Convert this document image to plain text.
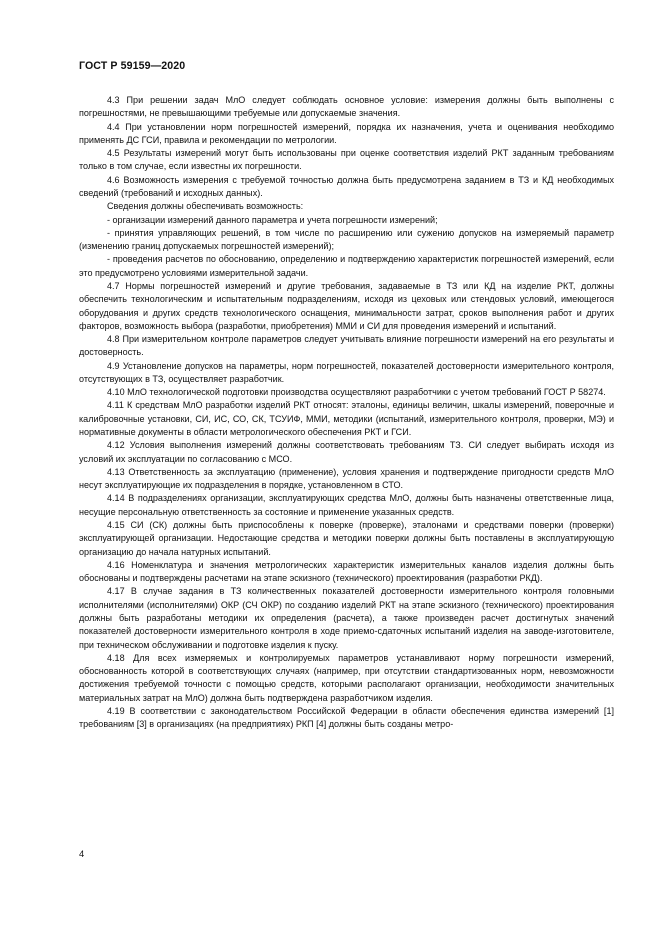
ГОСТ Р 59159—2020

4.3 При решении задач МлО следует соблюдать основное условие: измерения должны быть выполнены с погрешностями, не превышающими требуемые или допускаемые значения.

4.4 При установлении норм погрешностей измерений, порядка их назначения, учета и оценивания необходимо применять ДС ГСИ, правила и рекомендации по метрологии.

4.5 Результаты измерений могут быть использованы при оценке соответствия изделий РКТ заданным требованиям только в том случае, если известны их погрешности.

4.6 Возможность измерения с требуемой точностью должна быть предусмотрена заданием в ТЗ и КД необходимых сведений (требований и исходных данных).

Сведения должны обеспечивать возможность:

- организации измерений данного параметра и учета погрешности измерений;

- принятия управляющих решений, в том числе по расширению или сужению допусков на измеряемый параметр (изменению границ допускаемых погрешностей измерений);

- проведения расчетов по обоснованию, определению и подтверждению характеристик погрешностей измерений, если это предусмотрено условиями измерительной задачи.

4.7 Нормы погрешностей измерений и другие требования, задаваемые в ТЗ или КД на изделие РКТ, должны обеспечить технологическим и испытательным подразделениям, исходя из цеховых или стендовых условий, имеющегося оборудования и других средств технологического оснащения, минимальности затрат, сроков выполнения работ и других факторов, возможность выбора (разработки, приобретения) ММИ и СИ для проведения измерений и испытаний.

4.8 При измерительном контроле параметров следует учитывать влияние погрешности измерений на его результаты и достоверность.

4.9 Установление допусков на параметры, норм погрешностей, показателей достоверности измерительного контроля, отсутствующих в ТЗ, осуществляет разработчик.

4.10 МлО технологической подготовки производства осуществляют разработчики с учетом требований ГОСТ Р 58274.

4.11 К средствам МлО разработки изделий РКТ относят: эталоны, единицы величин, шкалы измерений, поверочные и калибровочные установки, СИ, ИС, СО, СК, ТСУИФ, ММИ, методики (испытаний, измерительного контроля, проверки, МЭ) и нормативные документы в области метрологического обеспечения РКТ и ГСИ.

4.12 Условия выполнения измерений должны соответствовать требованиям ТЗ. СИ следует выбирать исходя из условий их эксплуатации по согласованию с МСО.

4.13 Ответственность за эксплуатацию (применение), условия хранения и подтверждение пригодности средств МлО несут эксплуатирующие их подразделения в порядке, установленном в СТО.

4.14 В подразделениях организации, эксплуатирующих средства МлО, должны быть назначены ответственные лица, несущие персональную ответственность за состояние и применение указанных средств.

4.15 СИ (СК) должны быть приспособлены к поверке (проверке), эталонами и средствами поверки (проверки) эксплуатирующей организации. Недостающие средства и методики поверки должны быть поставлены в эксплуатирующую организацию до начала натурных испытаний.

4.16 Номенклатура и значения метрологических характеристик измерительных каналов изделия должны быть обоснованы и подтверждены расчетами на этапе эскизного (технического) проектирования (разработки РКД).

4.17 В случае задания в ТЗ количественных показателей достоверности измерительного контроля головными исполнителями (исполнителями) ОКР (СЧ ОКР) по созданию изделий РКТ на этапе эскизного (технического) проектирования должны быть разработаны методики их определения (расчета), а также произведен расчет достигнутых значений показателей достоверности измерительного контроля в ходе приемо-сдаточных испытаний изделия на заводе-изготовителе, при техническом обслуживании и подготовке изделия к пуску.

4.18 Для всех измеряемых и контролируемых параметров устанавливают норму погрешности измерений, обоснованность которой в соответствующих случаях (например, при отсутствии стандартизованных норм, невозможности достижения требуемой точности с помощью средств, которыми располагают организации, необходимости значительных материальных затрат на МлО) должна быть подтверждена разработчиком изделия.

4.19 В соответствии с законодательством Российской Федерации в области обеспечения единства измерений [1] требованиям [3] в организациях (на предприятиях) РКП [4] должны быть созданы метро-

4
